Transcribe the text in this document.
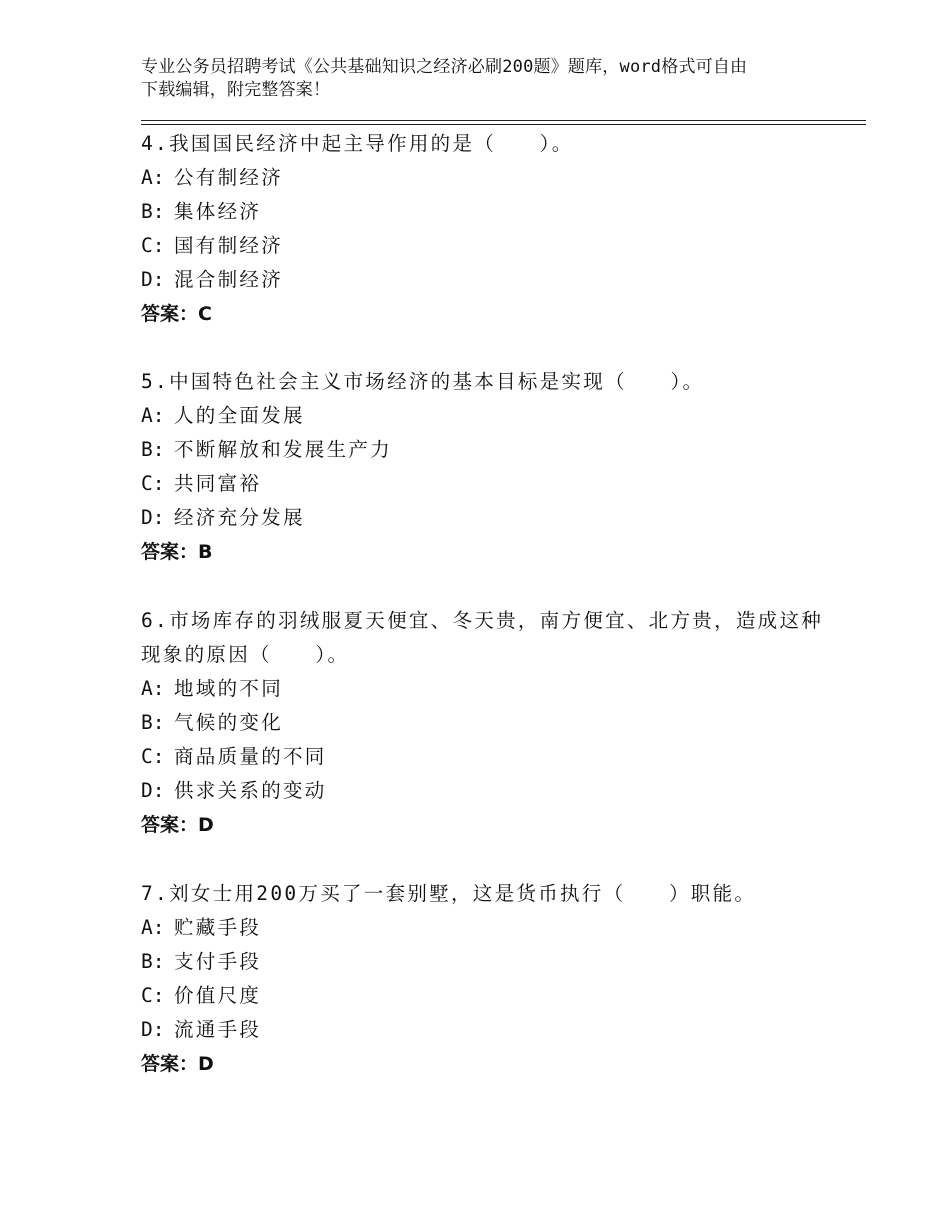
专业公务员招聘考试《公共基础知识之经济必刷200题》题库，word格式可自由
下载编辑，附完整答案！

4.我国国民经济中起主导作用的是（　　）。

A: 公有制经济

B: 集体经济

C: 国有制经济

D: 混合制经济

答案：C

5.中国特色社会主义市场经济的基本目标是实现（　　）。

A: 人的全面发展

B: 不断解放和发展生产力

C: 共同富裕

D: 经济充分发展

答案：B

6.市场库存的羽绒服夏天便宜、冬天贵，南方便宜、北方贵，造成这种现象的原因（　　）。

A: 地域的不同

B: 气候的变化

C: 商品质量的不同

D: 供求关系的变动

答案：D

7.刘女士用200万买了一套别墅，这是货币执行（　　）职能。

A: 贮藏手段

B: 支付手段

C: 价值尺度

D: 流通手段

答案：D
